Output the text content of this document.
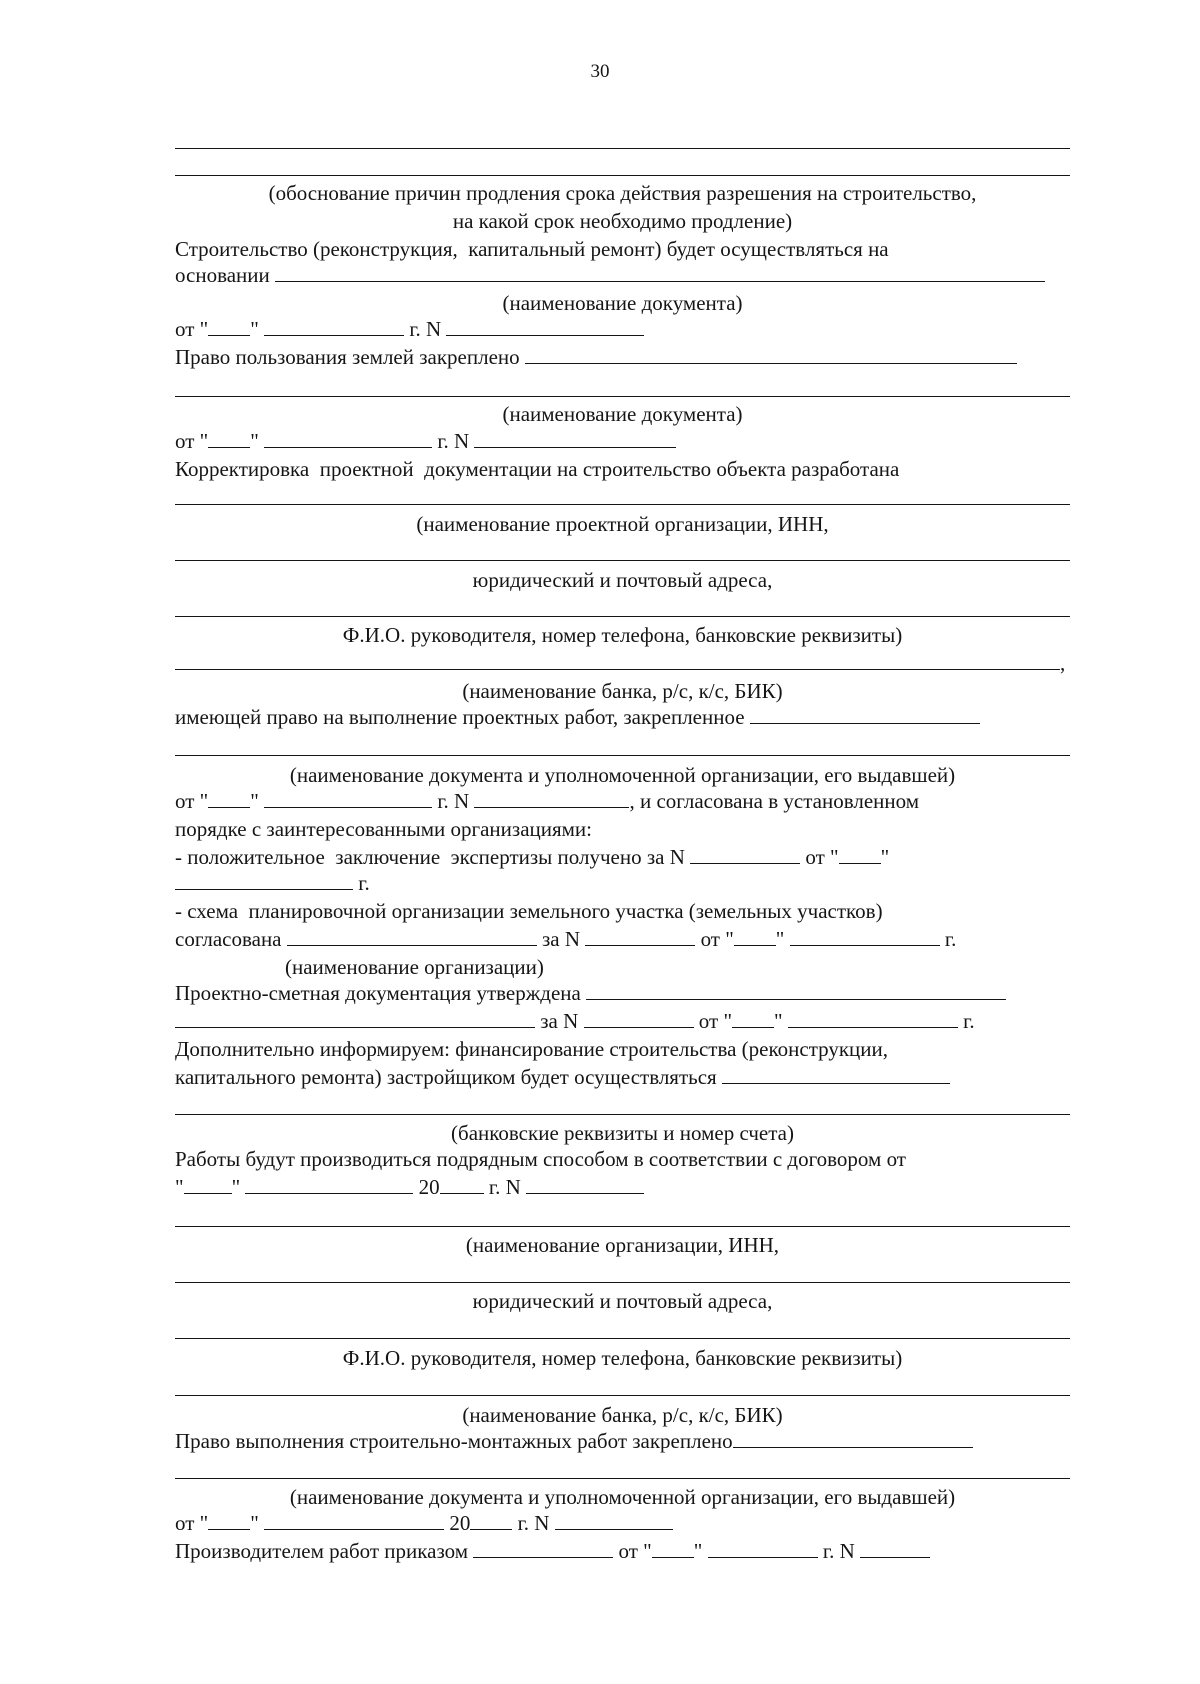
30
(обоснование причин продления срока действия разрешения на строительство,
на какой срок необходимо продление)
Строительство (реконструкция,  капитальный ремонт) будет осуществляться на
основании
(наименование документа)
от " "	г. N
Право пользования землей закреплено
(наименование документа)
от " "	г. N
Корректировка  проектной  документации на строительство объекта разработана
(наименование проектной организации, ИНН,
юридический и почтовый адреса,
Ф.И.О. руководителя, номер телефона, банковские реквизиты)
,
(наименование банка, р/с, к/с, БИК)
имеющей право на выполнение проектных работ, закрепленное
(наименование документа и уполномоченной организации, его выдавшей)
от " "	г. N	, и согласована в установленном
порядке с заинтересованными организациями:
- положительное  заключение  экспертизы получено за N	от " "
г.
- схема  планировочной организации земельного участка (земельных участков)
согласована	за N	от " "	г.
(наименование организации)
Проектно-сметная документация утверждена
за N	от " "	г.
Дополнительно информируем: финансирование строительства (реконструкции,
капитального ремонта) застройщиком будет осуществляться
(банковские реквизиты и номер счета)
Работы будут производиться подрядным способом в соответствии с договором от
" "	20 г. N
(наименование организации, ИНН,
юридический и почтовый адреса,
Ф.И.О. руководителя, номер телефона, банковские реквизиты)
(наименование банка, р/с, к/с, БИК)
Право выполнения строительно-монтажных работ закреплено
(наименование документа и уполномоченной организации, его выдавшей)
от " "	20 г. N
Производителем работ приказом	от " "	г. N
